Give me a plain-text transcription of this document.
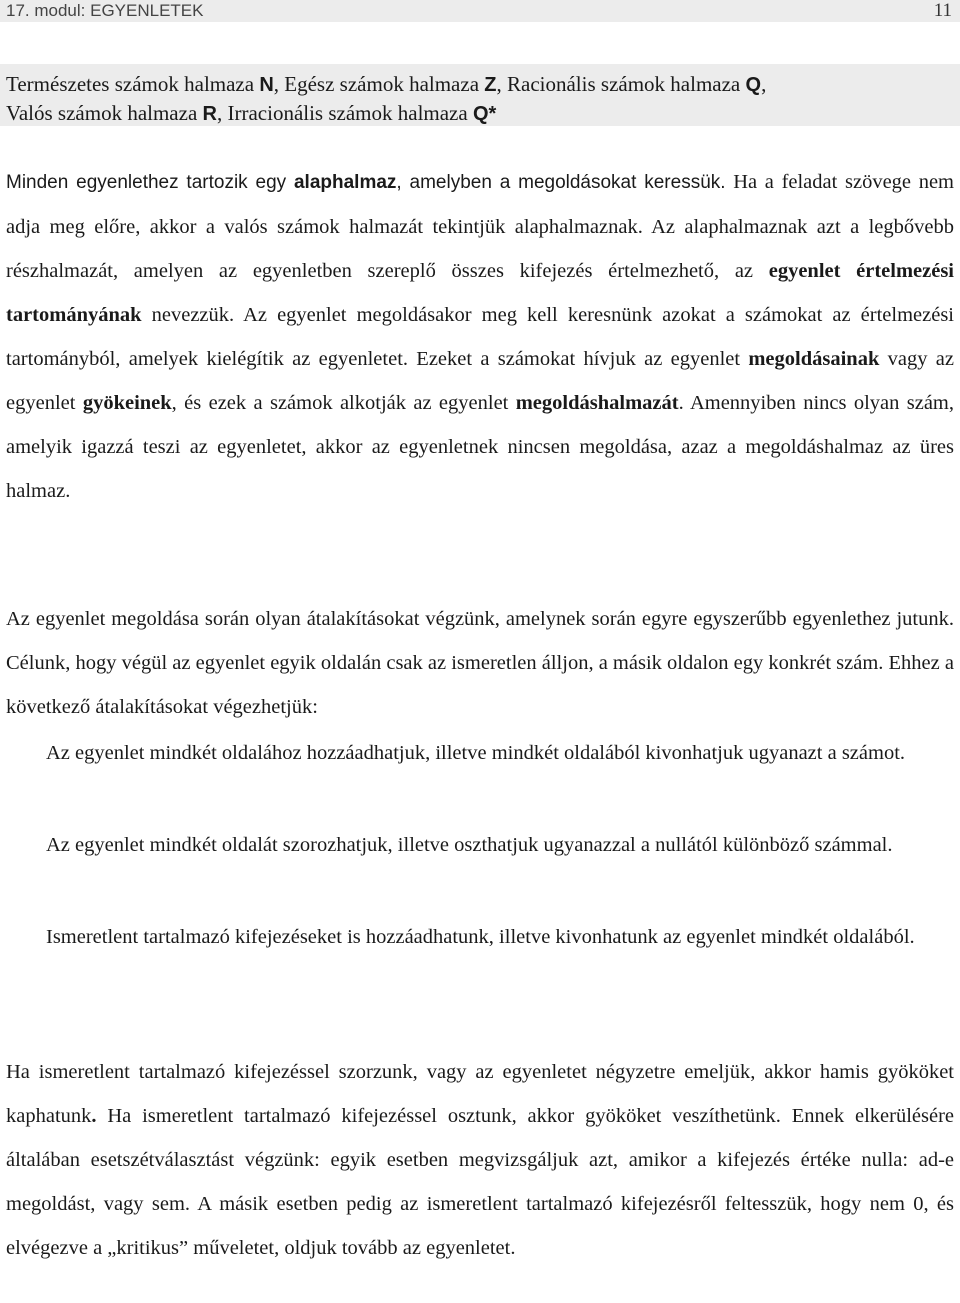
17. modul: EGYENLETEK	11
Természetes számok halmaza N, Egész számok halmaza Z, Racionális számok halmaza Q,
Valós számok halmaza R, Irracionális számok halmaza Q*
Minden egyenlethez tartozik egy alaphalmaz, amelyben a megoldásokat keressük. Ha a feladat szövege nem adja meg előre, akkor a valós számok halmazát tekintjük alaphalmaznak. Az alaphalmaznak azt a legbővebb részhalmazát, amelyen az egyenletben szereplő összes kifejezés értelmezhető, az egyenlet értelmezési tartományának nevezzük. Az egyenlet megoldásakor meg kell keresnünk azokat a számokat az értelmezési tartományból, amelyek kielégítik az egyenletet. Ezeket a számokat hívjuk az egyenlet megoldásainak vagy az egyenlet gyökeinek, és ezek a számok alkotják az egyenlet megoldáshalmazát. Amennyiben nincs olyan szám, amelyik igazzá teszi az egyenletet, akkor az egyenletnek nincsen megoldása, azaz a megoldáshalmaz az üres halmaz.
Az egyenlet megoldása során olyan átalakításokat végzünk, amelynek során egyre egyszerűbb egyenlethez jutunk. Célunk, hogy végül az egyenlet egyik oldalán csak az ismeretlen álljon, a másik oldalon egy konkrét szám. Ehhez a következő átalakításokat végezhetjük:
Az egyenlet mindkét oldalához hozzáadhatjuk, illetve mindkét oldalából kivonhatjuk ugyanazt a számot.
Az egyenlet mindkét oldalát szorozhatjuk, illetve oszthatjuk ugyanazzal a nullától különböző számmal.
Ismeretlent tartalmazó kifejezéseket is hozzáadhatunk, illetve kivonhatunk az egyenlet mindkét oldalából.
Ha ismeretlent tartalmazó kifejezéssel szorzunk, vagy az egyenletet négyzetre emeljük, akkor hamis gyököket kaphatunk. Ha ismeretlent tartalmazó kifejezéssel osztunk, akkor gyököket veszíthetünk. Ennek elkerülésére általában esetszétválasztást végzünk: egyik esetben megvizsgáljuk azt, amikor a kifejezés értéke nulla: ad-e megoldást, vagy sem. A másik esetben pedig az ismeretlent tartalmazó kifejezésről feltesszük, hogy nem 0, és elvégezve a „kritikus” műveletet, oldjuk tovább az egyenletet.
